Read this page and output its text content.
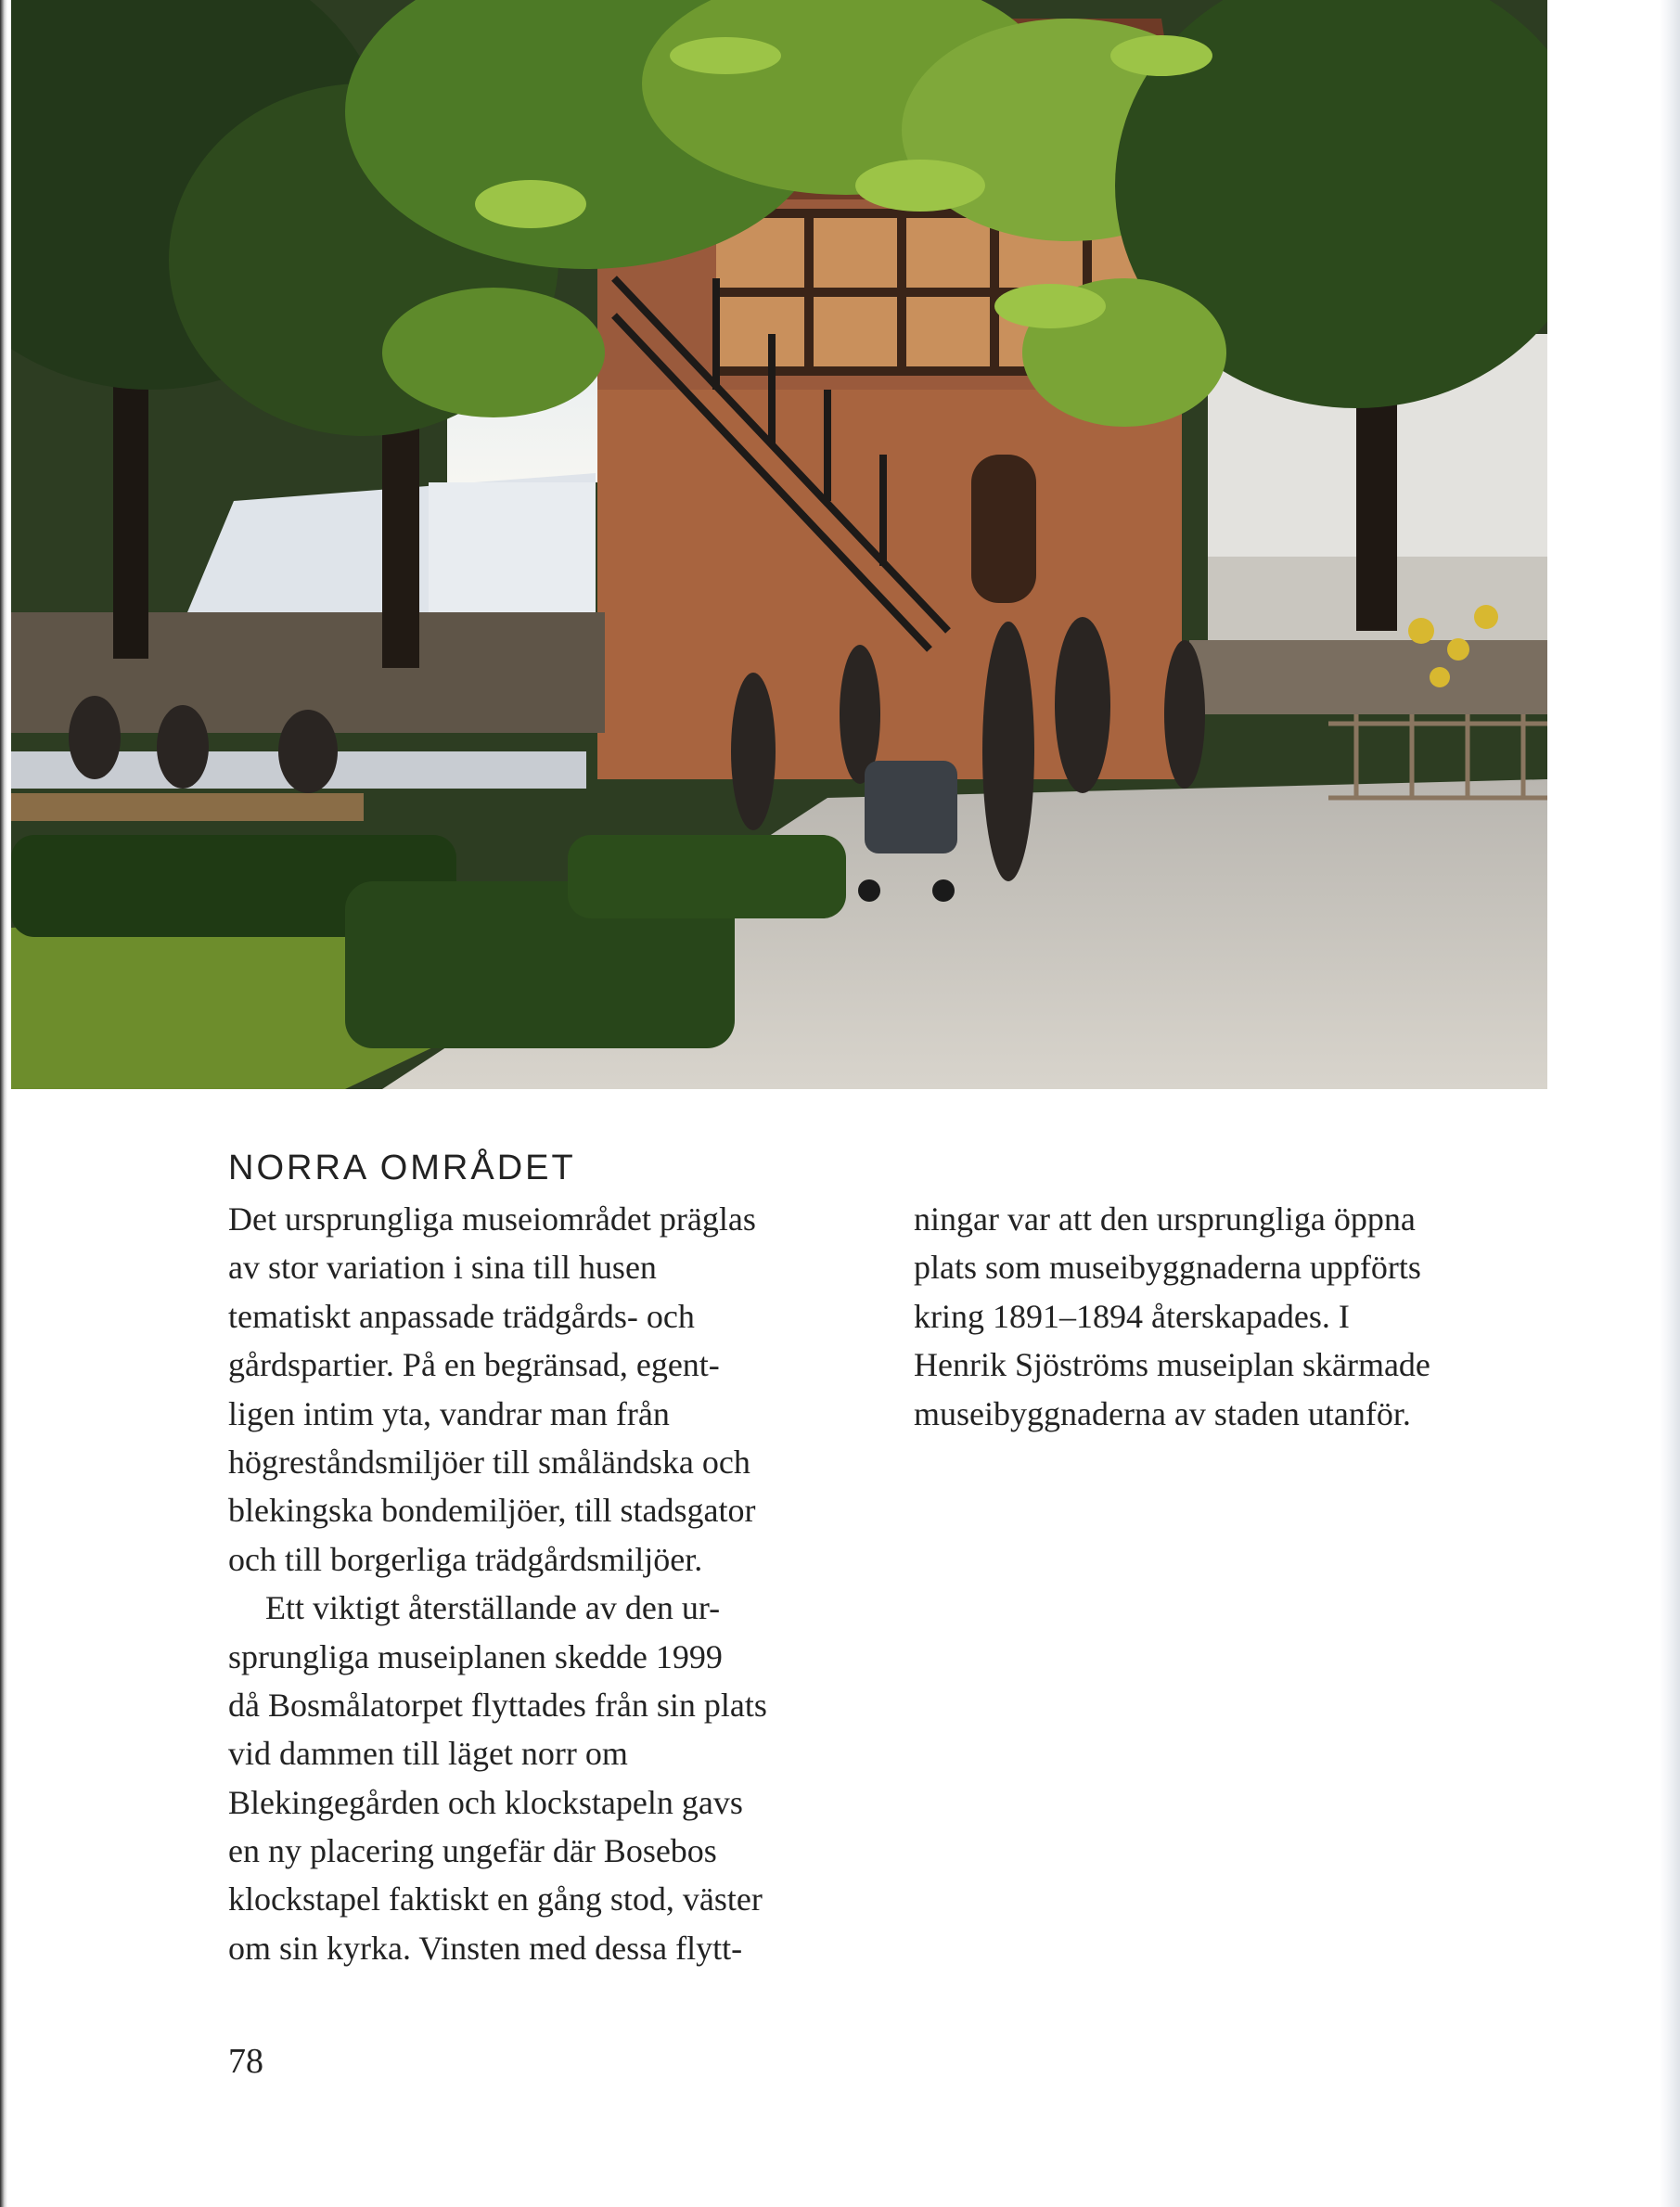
NORRA OMRÅDET
Det ursprungliga museiområdet präglas
av stor variation i sina till husen
tematiskt anpassade trädgårds- och
gårdspartier. På en begränsad, egent-
ligen intim yta, vandrar man från
högreståndsmiljöer till småländska och
blekingska bondemiljöer, till stadsgator
och till borgerliga trädgårdsmiljöer.
Ett viktigt återställande av den ur-
sprungliga museiplanen skedde 1999
då Bosmålatorpet flyttades från sin plats
vid dammen till läget norr om
Blekingegården och klockstapeln gavs
en ny placering ungefär där Bosebos
klockstapel faktiskt en gång stod, väster
om sin kyrka. Vinsten med dessa flytt-
ningar var att den ursprungliga öppna
plats som museibyggnaderna uppförts
kring 1891–1894 återskapades. I
Henrik Sjöströms museiplan skärmade
museibyggnaderna av staden utanför.
78
